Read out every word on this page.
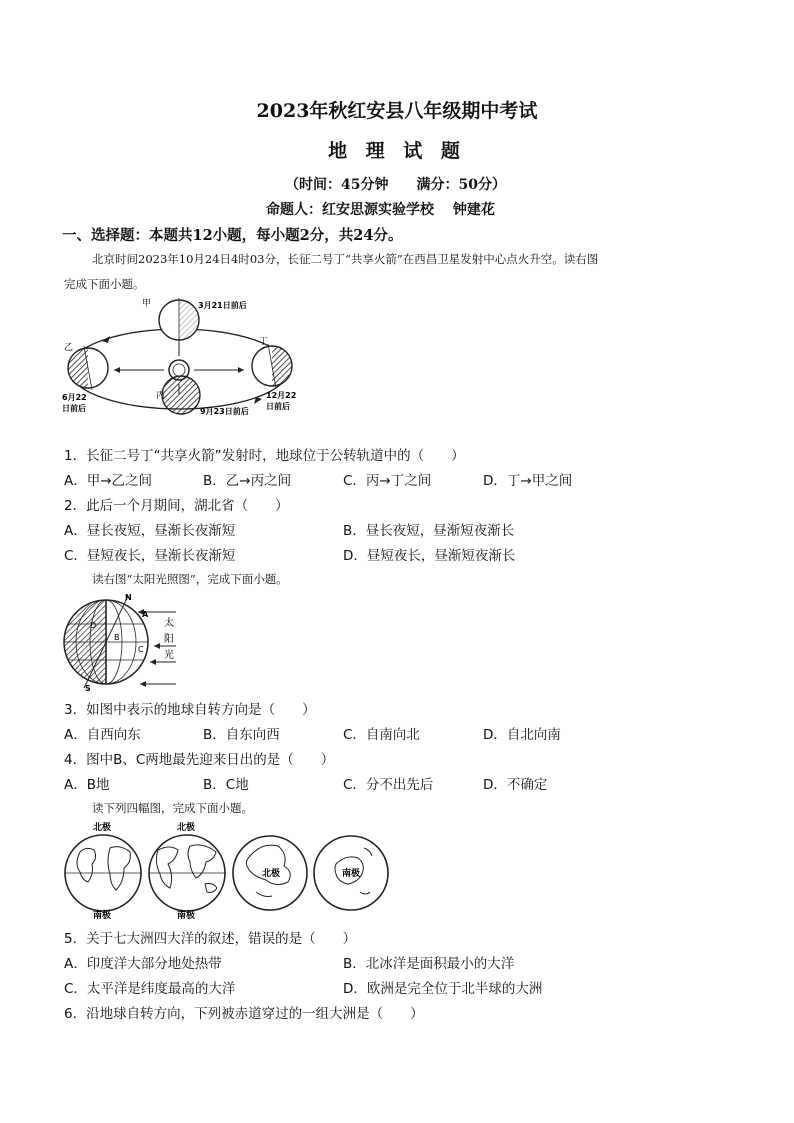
2023年秋红安县八年级期中考试
地 理 试 题
（时间：45分钟　　满分：50分）
命题人：红安思源实验学校　 钟建花
一、选择题：本题共12小题，每小题2分，共24分。
北京时间2023年10月24日4时03分，长征二号丁“共享火箭”在西昌卫星发射中心点火升空。读右图
完成下面小题。
甲	3月21日前后
乙
6月22
日前后
丁
12月22
日前后
丙
9月23日前后
1．长征二号丁“共享火箭”发射时，地球位于公转轨道中的（　　）
A．甲→乙之间	B．乙→丙之间	C．丙→丁之间	D．丁→甲之间
2．此后一个月期间，湖北省（　　）
A．昼长夜短，昼渐长夜渐短	B．昼长夜短，昼渐短夜渐长
C．昼短夜长，昼渐长夜渐短	D．昼短夜长，昼渐短夜渐长
读右图“太阳光照图”，完成下面小题。
N
S
A
B
C
D	太
阳
光
3．如图中表示的地球自转方向是（　　）
A．自西向东	B．自东向西	C．自南向北	D．自北向南
4．图中B、C两地最先迎来日出的是（　　）
A．B地	B．C地	C．分不出先后	D．不确定
读下列四幅图，完成下面小题。
北极
南极
北极
南极
北极	南极
5．关于七大洲四大洋的叙述，错误的是（　　）
A．印度洋大部分地处热带	B．北冰洋是面积最小的大洋
C．太平洋是纬度最高的大洋	D．欧洲是完全位于北半球的大洲
6．沿地球自转方向，下列被赤道穿过的一组大洲是（　　）
